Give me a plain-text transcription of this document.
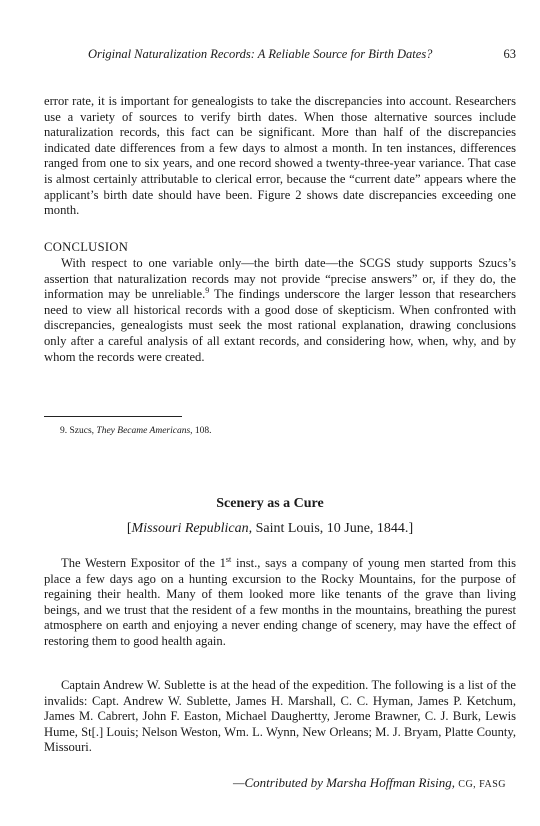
Original Naturalization Records: A Reliable Source for Birth Dates?	63

error rate, it is important for genealogists to take the discrepancies into account. Researchers use a variety of sources to verify birth dates. When those alternative sources include naturalization records, this fact can be significant. More than half of the discrepancies indicated date differences from a few days to almost a month. In ten instances, differences ranged from one to six years, and one record showed a twenty-three-year variance. That case is almost certainly attributable to clerical error, because the “current date” appears where the applicant’s birth date should have been. Figure 2 shows date discrepancies exceeding one month.

CONCLUSION

With respect to one variable only—the birth date—the SCGS study supports Szucs’s assertion that naturalization records may not provide “precise answers” or, if they do, the information may be unreliable.$^9$ The findings underscore the larger lesson that researchers need to view all historical records with a good dose of skepticism. When confronted with discrepancies, genealogists must seek the most rational explanation, drawing conclusions only after a careful analysis of all extant records, and considering how, when, why, and by whom the records were created.

9. Szucs, They Became Americans, 108.
Scenery as a Cure
[Missouri Republican, Saint Louis, 10 June, 1844.]

The Western Expositor of the 1st inst., says a company of young men started from this place a few days ago on a hunting excursion to the Rocky Mountains, for the purpose of regaining their health. Many of them looked more like tenants of the grave than living beings, and we trust that the resident of a few months in the mountains, breathing the purest atmosphere on earth and enjoying a never ending change of scenery, may have the effect of restoring them to good health again.

Captain Andrew W. Sublette is at the head of the expedition. The following is a list of the invalids: Capt. Andrew W. Sublette, James H. Marshall, C. C. Hyman, James P. Ketchum, James M. Cabrert, John F. Easton, Michael Daughertty, Jerome Brawner, C. J. Burk, Lewis Hume, St[.] Louis; Nelson Weston, Wm. L. Wynn, New Orleans; M. J. Bryam, Platte County, Missouri.

—Contributed by Marsha Hoffman Rising, CG, FASG
